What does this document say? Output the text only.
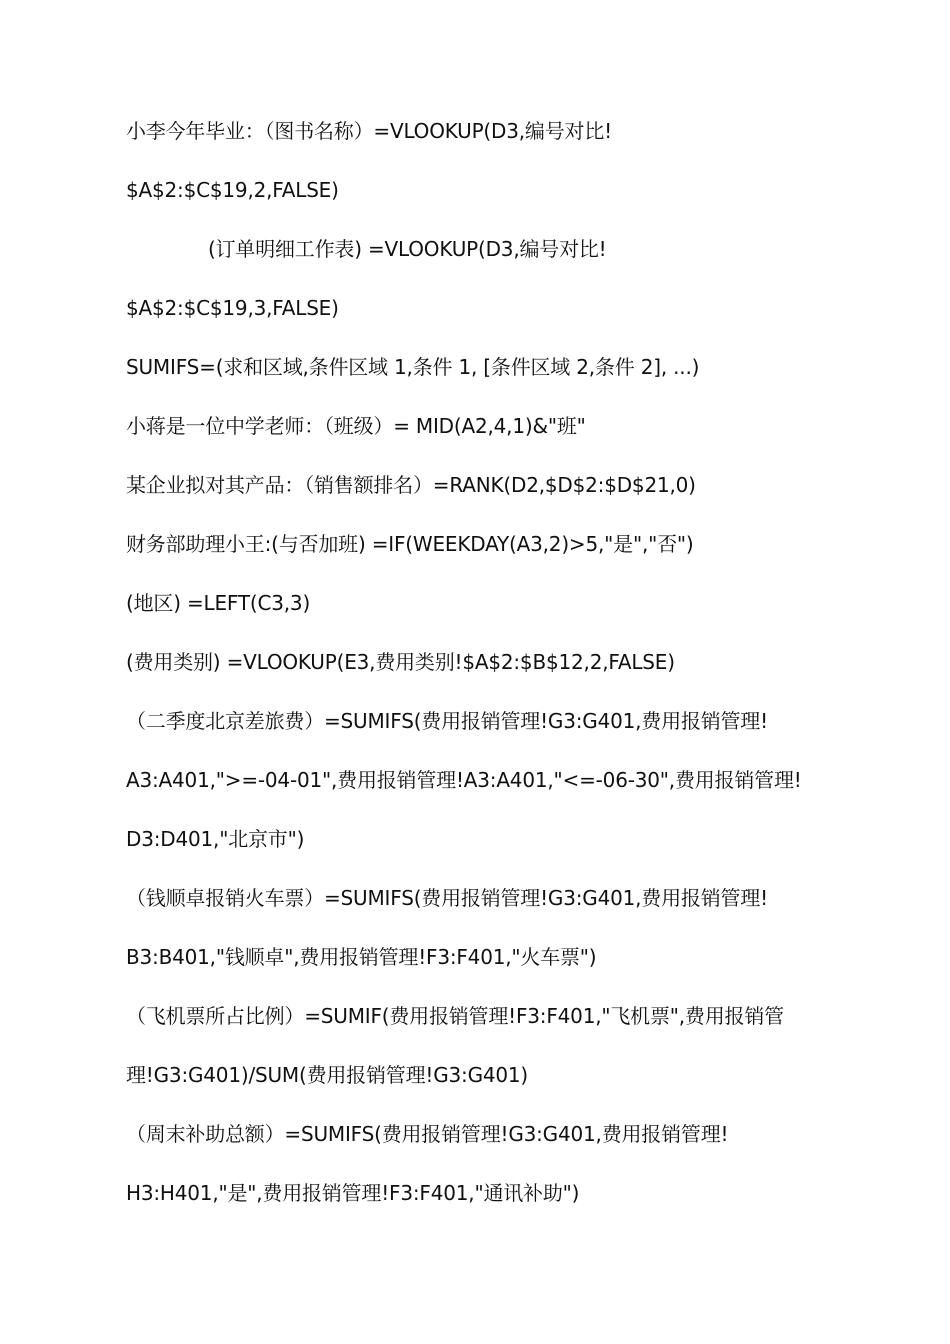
小李今年毕业：（图书名称）=VLOOKUP(D3,编号对比!
$A$2:$C$19,2,FALSE)
(订单明细工作表) =VLOOKUP(D3,编号对比!
$A$2:$C$19,3,FALSE)
SUMIFS=(求和区域,条件区域 1,条件 1, [条件区域 2,条件 2], ...)
小蒋是一位中学老师：（班级）= MID(A2,4,1)&"班"
某企业拟对其产品：（销售额排名）=RANK(D2,$D$2:$D$21,0)
财务部助理小王:(与否加班) =IF(WEEKDAY(A3,2)>5,"是","否")
(地区) =LEFT(C3,3)
(费用类别) =VLOOKUP(E3,费用类别!$A$2:$B$12,2,FALSE)
（二季度北京差旅费）=SUMIFS(费用报销管理!G3:G401,费用报销管理!
A3:A401,">=-04-01",费用报销管理!A3:A401,"<=-06-30",费用报销管理!
D3:D401,"北京市")
（钱顺卓报销火车票）=SUMIFS(费用报销管理!G3:G401,费用报销管理!
B3:B401,"钱顺卓",费用报销管理!F3:F401,"火车票")
（飞机票所占比例）=SUMIF(费用报销管理!F3:F401,"飞机票",费用报销管
理!G3:G401)/SUM(费用报销管理!G3:G401)
（周末补助总额）=SUMIFS(费用报销管理!G3:G401,费用报销管理!
H3:H401,"是",费用报销管理!F3:F401,"通讯补助")
